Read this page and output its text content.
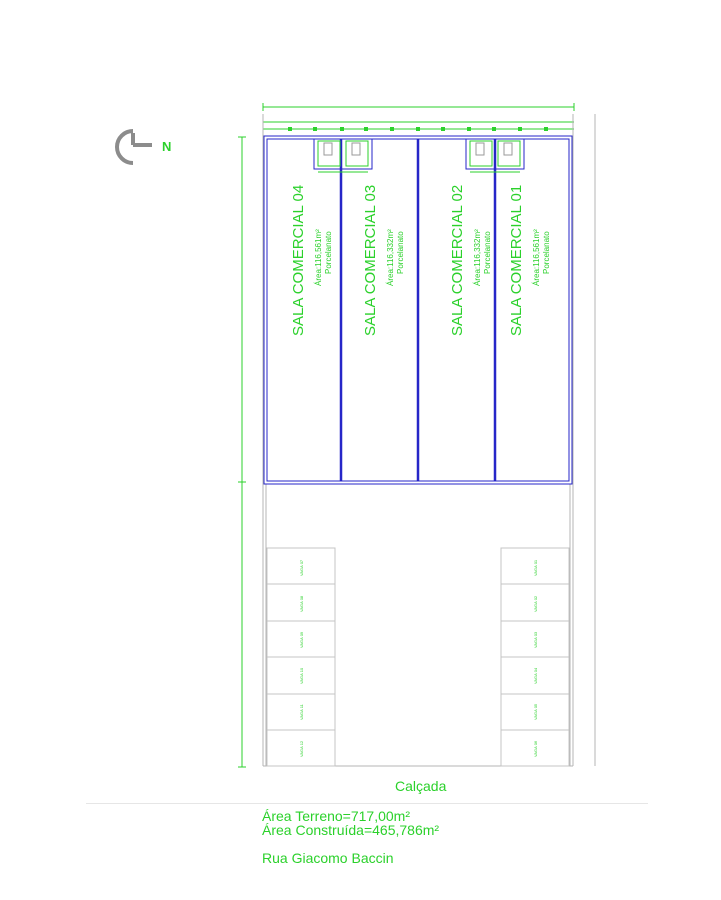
N
SALA COMERCIAL 04 Área:116,561m² Porcelanato SALA COMERCIAL 03 Área:116,332m² Porcelanato	SALA COMERCIAL 02 Área:116,332m² Porcelanato SALA COMERCIAL 01 Área:116,561m² Porcelanato
VAGA 07
VAGA 08
VAGA 09
VAGA 10
VAGA 11
VAGA 12
VAGA 01
VAGA 02
VAGA 03
VAGA 04
VAGA 05
VAGA 06
Calçada
Área Terreno=717,00m²
Área Construída=465,786m²
Rua Giacomo Baccin
